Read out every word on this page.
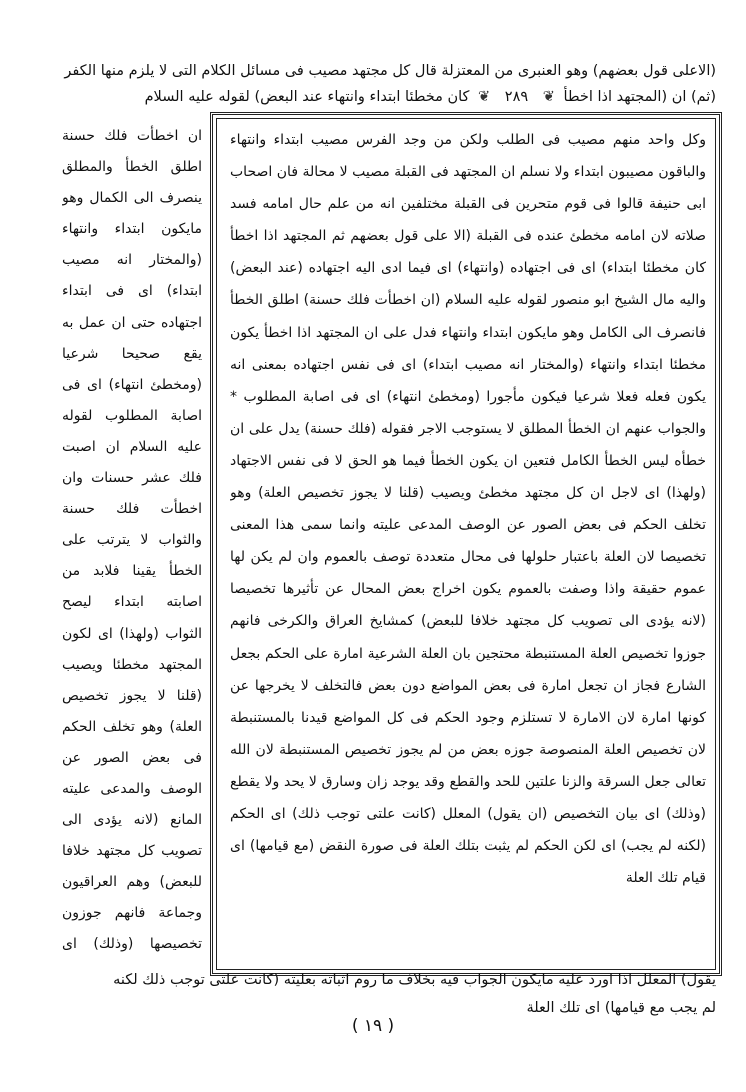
(الاعلى قول بعضهم) وهو العنبرى من المعتزلة قال كل مجتهد مصيب فى مسائل الكلام التى لا يلزم منها الكفر
(ثم) ان (المجتهد اذا اخطأ ❦ ٢٨٩ ❦ كان مخطئا ابتداء وانتهاء عند البعض) لقوله عليه السلام

وكل واحد منهم مصيب فى الطلب ولكن من وجد الفرس مصيب ابتداء وانتهاء والباقون مصيبون ابتداء ولا نسلم ان المجتهد فى القبلة مصيب لا محالة فان اصحاب ابى حنيفة قالوا فى قوم متحرين فى القبلة مختلفين انه من علم حال امامه فسد صلاته لان امامه مخطئ عنده فى القبلة (الا على قول بعضهم ثم المجتهد اذا اخطأ كان مخطئا ابتداء) اى فى اجتهاده (وانتهاء) اى فيما ادى اليه اجتهاده (عند البعض) واليه مال الشيخ ابو منصور لقوله عليه السلام (ان اخطأت فلك حسنة) اطلق الخطأ فانصرف الى الكامل وهو مايكون ابتداء وانتهاء فدل على ان المجتهد اذا اخطأ يكون مخطئا ابتداء وانتهاء (والمختار انه مصيب ابتداء) اى فى نفس اجتهاده بمعنى انه يكون فعله فعلا شرعيا فيكون مأجورا (ومخطئ انتهاء) اى فى اصابة المطلوب * والجواب عنهم ان الخطأ المطلق لا يستوجب الاجر فقوله (فلك حسنة) يدل على ان خطأه ليس الخطأ الكامل فتعين ان يكون الخطأ فيما هو الحق لا فى نفس الاجتهاد (ولهذا) اى لاجل ان كل مجتهد مخطئ ويصيب (قلنا لا يجوز تخصيص العلة) وهو تخلف الحكم فى بعض الصور عن الوصف المدعى عليته وانما سمى هذا المعنى تخصيصا لان العلة باعتبار حلولها فى محال متعددة توصف بالعموم وان لم يكن لها عموم حقيقة واذا وصفت بالعموم يكون اخراج بعض المحال عن تأثيرها تخصيصا (لانه يؤدى الى تصويب كل مجتهد خلافا للبعض) كمشايخ العراق والكرخى فانهم جوزوا تخصيص العلة المستنبطة محتجين بان العلة الشرعية امارة على الحكم بجعل الشارع فجاز ان تجعل امارة فى بعض المواضع دون بعض فالتخلف لا يخرجها عن كونها امارة لان الامارة لا تستلزم وجود الحكم فى كل المواضع قيدنا بالمستنبطة لان تخصيص العلة المنصوصة جوزه بعض من لم يجوز تخصيص المستنبطة لان الله تعالى جعل السرقة والزنا علتين للحد والقطع وقد يوجد زان وسارق لا يحد ولا يقطع (وذلك) اى بيان التخصيص (ان يقول) المعلل (كانت علتى توجب ذلك) اى الحكم (لكنه لم يجب) اى لكن الحكم لم يثبت بتلك العلة فى صورة النقض (مع قيامها) اى قيام تلك العلة

ان اخطأت فلك حسنة اطلق الخطأ والمطلق ينصرف الى الكمال وهو مايكون ابتداء وانتهاء (والمختار انه مصيب ابتداء) اى فى ابتداء اجتهاده حتى ان عمل به يقع صحيحا شرعيا (ومخطئ انتهاء) اى فى اصابة المطلوب لقوله عليه السلام ان اصبت فلك عشر حسنات وان اخطأت فلك حسنة والثواب لا يترتب على الخطأ يقينا فلابد من اصابته ابتداء ليصح الثواب (ولهذا) اى لكون المجتهد مخطئا ويصيب (قلنا لا يجوز تخصيص العلة) وهو تخلف الحكم فى بعض الصور عن الوصف والمدعى عليته المانع (لانه يؤدى الى تصويب كل مجتهد خلافا للبعض) وهم العراقيون وجماعة فانهم جوزون تخصيصها (وذلك) اى

يقول) المعلل اذا اورد عليه مايكون الجواب فيه بخلاف ما روم اثباته بعليته (كانت علتى توجب ذلك لكنه
لم يجب مع قيامها) اى تلك العلة
( ١٩ )
